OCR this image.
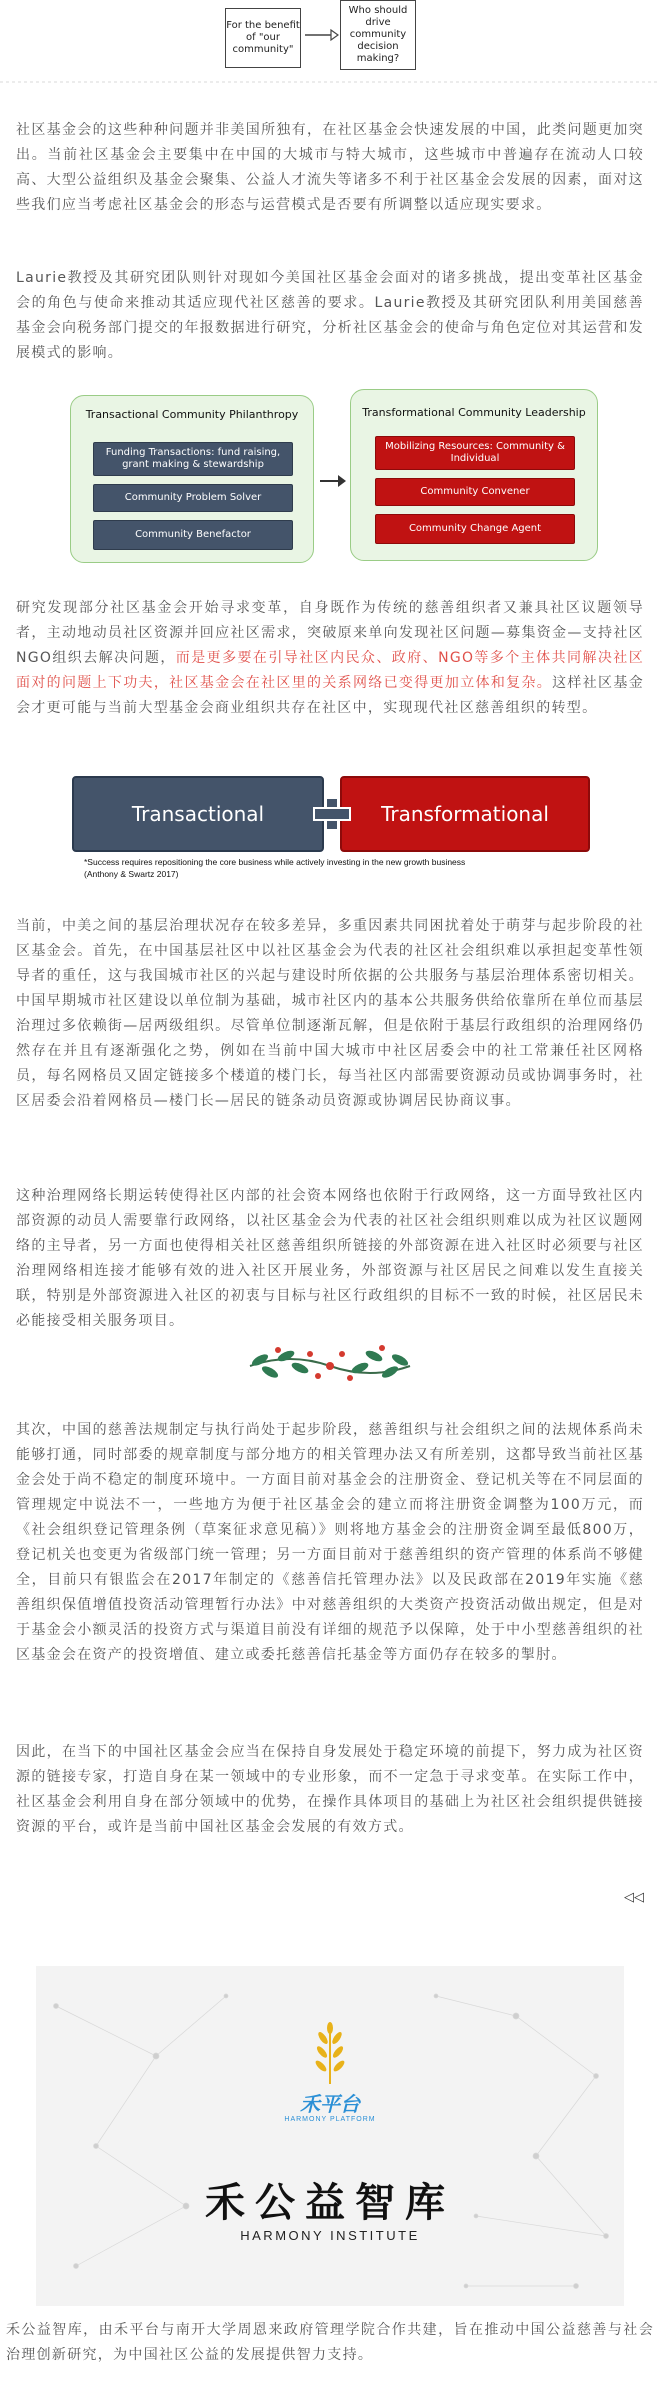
For the benefit of "our community"
Who should drive community decision making?

社区基金会的这些种种问题并非美国所独有，在社区基金会快速发展的中国，此类问题更加突出。当前社区基金会主要集中在中国的大城市与特大城市，这些城市中普遍存在流动人口较高、大型公益组织及基金会聚集、公益人才流失等诸多不利于社区基金会发展的因素，面对这些我们应当考虑社区基金会的形态与运营模式是否要有所调整以适应现实要求。

Laurie教授及其研究团队则针对现如今美国社区基金会面对的诸多挑战，提出变革社区基金会的角色与使命来推动其适应现代社区慈善的要求。Laurie教授及其研究团队利用美国慈善基金会向税务部门提交的年报数据进行研究，分析社区基金会的使命与角色定位对其运营和发展模式的影响。

Transactional Community Philanthropy
Funding Transactions: fund raising, grant making & stewardship
Community Problem Solver
Community Benefactor
Transformational Community Leadership
Mobilizing Resources: Community & Individual
Community Convener
Community Change Agent

研究发现部分社区基金会开始寻求变革，自身既作为传统的慈善组织者又兼具社区议题领导者，主动地动员社区资源并回应社区需求，突破原来单向发现社区问题—募集资金—支持社区NGO组织去解决问题，而是更多要在引导社区内民众、政府、NGO等多个主体共同解决社区面对的问题上下功夫，社区基金会在社区里的关系网络已变得更加立体和复杂。这样社区基金会才更可能与当前大型基金会商业组织共存在社区中，实现现代社区慈善组织的转型。

Transactional	Transformational
*Success requires repositioning the core business while actively investing in the new growth business
(Anthony & Swartz 2017)

当前，中美之间的基层治理状况存在较多差异，多重因素共同困扰着处于萌芽与起步阶段的社区基金会。首先，在中国基层社区中以社区基金会为代表的社区社会组织难以承担起变革性领导者的重任，这与我国城市社区的兴起与建设时所依据的公共服务与基层治理体系密切相关。中国早期城市社区建设以单位制为基础，城市社区内的基本公共服务供给依靠所在单位而基层治理过多依赖街—居两级组织。尽管单位制逐渐瓦解，但是依附于基层行政组织的治理网络仍然存在并且有逐渐强化之势，例如在当前中国大城市中社区居委会中的社工常兼任社区网格员，每名网格员又固定链接多个楼道的楼门长，每当社区内部需要资源动员或协调事务时，社区居委会沿着网格员—楼门长—居民的链条动员资源或协调居民协商议事。

这种治理网络长期运转使得社区内部的社会资本网络也依附于行政网络，这一方面导致社区内部资源的动员人需要靠行政网络，以社区基金会为代表的社区社会组织则难以成为社区议题网络的主导者，另一方面也使得相关社区慈善组织所链接的外部资源在进入社区时必须要与社区治理网络相连接才能够有效的进入社区开展业务，外部资源与社区居民之间难以发生直接关联，特别是外部资源进入社区的初衷与目标与社区行政组织的目标不一致的时候，社区居民未必能接受相关服务项目。

其次，中国的慈善法规制定与执行尚处于起步阶段，慈善组织与社会组织之间的法规体系尚未能够打通，同时部委的规章制度与部分地方的相关管理办法又有所差别，这都导致当前社区基金会处于尚不稳定的制度环境中。一方面目前对基金会的注册资金、登记机关等在不同层面的管理规定中说法不一，一些地方为便于社区基金会的建立而将注册资金调整为100万元，而《社会组织登记管理条例（草案征求意见稿）》则将地方基金会的注册资金调至最低800万，登记机关也变更为省级部门统一管理；另一方面目前对于慈善组织的资产管理的体系尚不够健全，目前只有银监会在2017年制定的《慈善信托管理办法》以及民政部在2019年实施《慈善组织保值增值投资活动管理暂行办法》中对慈善组织的大类资产投资活动做出规定，但是对于基金会小额灵活的投资方式与渠道目前没有详细的规范予以保障，处于中小型慈善组织的社区基金会在资产的投资增值、建立或委托慈善信托基金等方面仍存在较多的掣肘。

因此，在当下的中国社区基金会应当在保持自身发展处于稳定环境的前提下，努力成为社区资源的链接专家，打造自身在某一领域中的专业形象，而不一定急于寻求变革。在实际工作中，社区基金会利用自身在部分领域中的优势，在操作具体项目的基础上为社区社会组织提供链接资源的平台，或许是当前中国社区基金会发展的有效方式。

◁◁
禾平台
HARMONY PLATFORM
禾公益智库
HARMONY INSTITUTE

禾公益智库，由禾平台与南开大学周恩来政府管理学院合作共建，旨在推动中国公益慈善与社会治理创新研究，为中国社区公益的发展提供智力支持。
